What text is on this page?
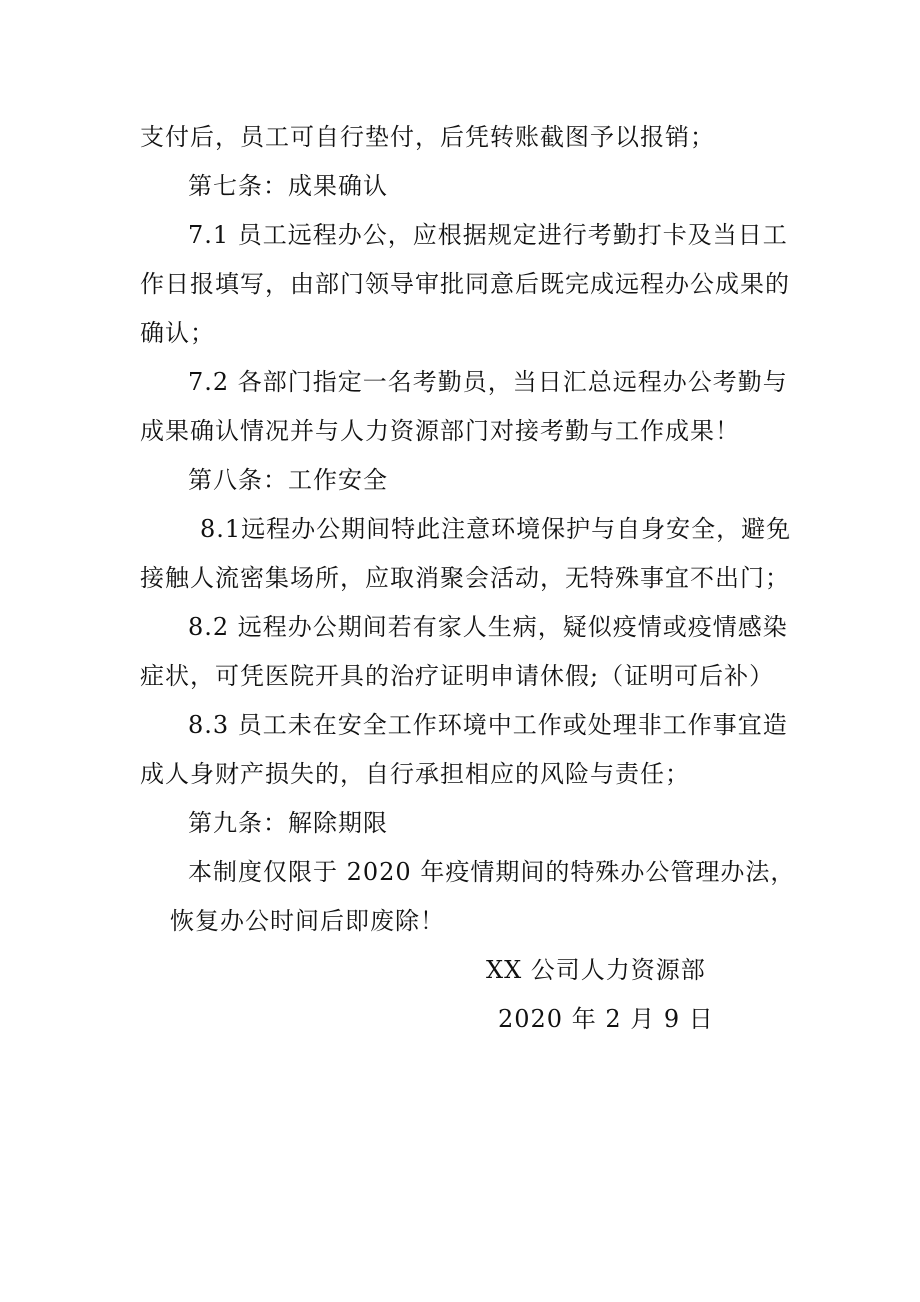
支付后，员工可自行垫付，后凭转账截图予以报销；
第七条：成果确认
7.1 员工远程办公，应根据规定进行考勤打卡及当日工
作日报填写，由部门领导审批同意后既完成远程办公成果的
确认；
7.2 各部门指定一名考勤员，当日汇总远程办公考勤与
成果确认情况并与人力资源部门对接考勤与工作成果！
第八条：工作安全
8.1远程办公期间特此注意环境保护与自身安全，避免
接触人流密集场所，应取消聚会活动，无特殊事宜不出门；
8.2 远程办公期间若有家人生病，疑似疫情或疫情感染
症状，可凭医院开具的治疗证明申请休假;（证明可后补）
8.3 员工未在安全工作环境中工作或处理非工作事宜造
成人身财产损失的，自行承担相应的风险与责任；
第九条：解除期限
本制度仅限于 2020 年疫情期间的特殊办公管理办法，
恢复办公时间后即废除！
XX 公司人力资源部
2020 年 2 月 9 日
